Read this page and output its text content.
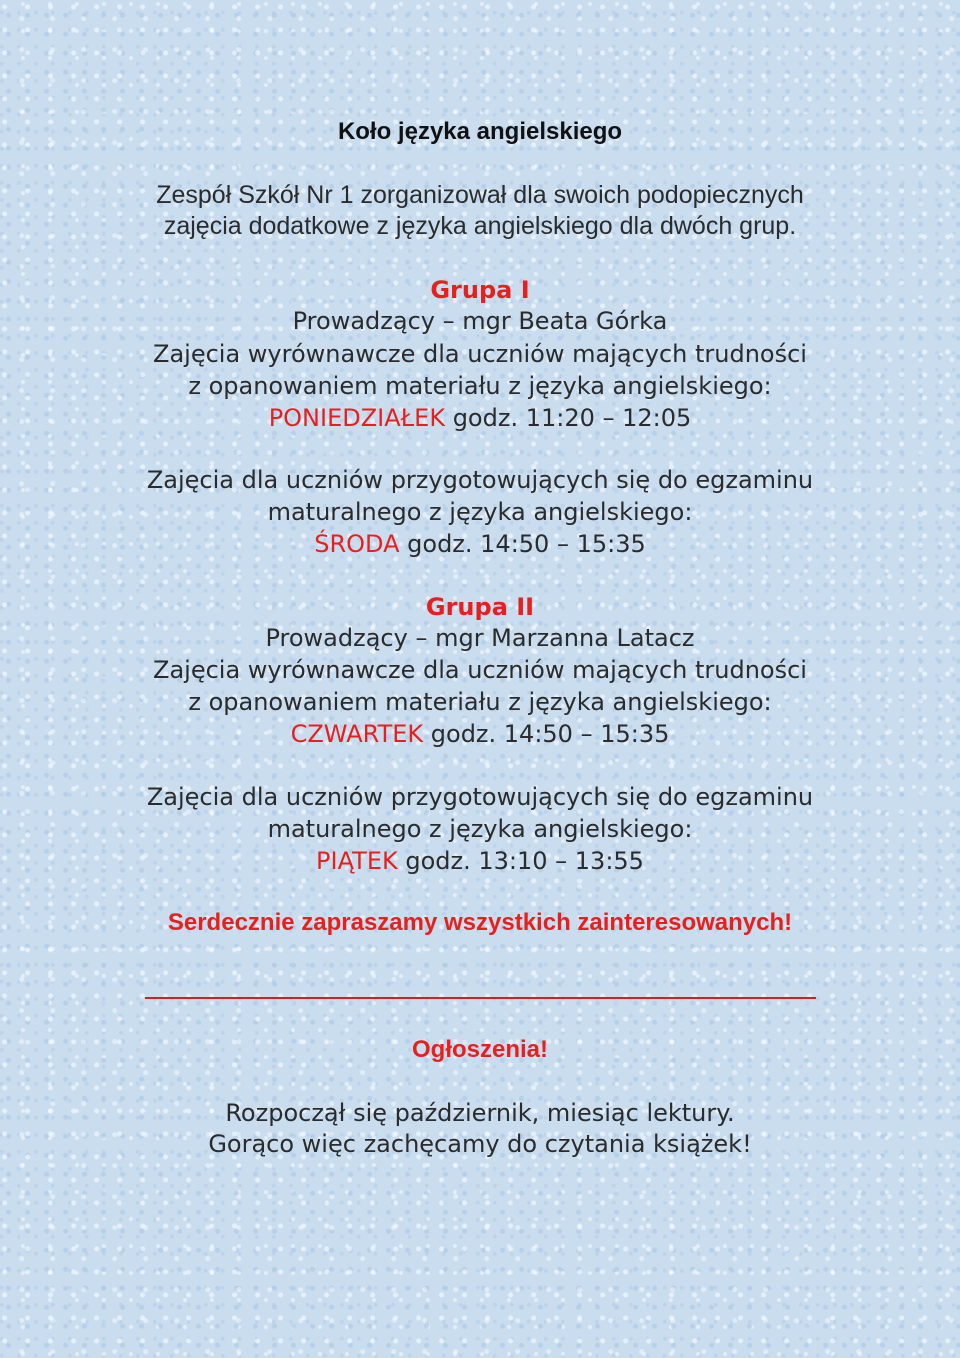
Koło języka angielskiego
Zespół Szkół Nr 1 zorganizował dla swoich podopiecznych
zajęcia dodatkowe z języka angielskiego dla dwóch grup.
Grupa I
Prowadzący – mgr Beata Górka
Zajęcia wyrównawcze dla uczniów mających trudności
z opanowaniem materiału z języka angielskiego:
PONIEDZIAŁEK godz. 11:20 – 12:05
Zajęcia dla uczniów przygotowujących się do egzaminu
maturalnego z języka angielskiego:
ŚRODA godz. 14:50 – 15:35
Grupa II
Prowadzący – mgr Marzanna Latacz
Zajęcia wyrównawcze dla uczniów mających trudności
z opanowaniem materiału z języka angielskiego:
CZWARTEK godz. 14:50 – 15:35
Zajęcia dla uczniów przygotowujących się do egzaminu
maturalnego z języka angielskiego:
PIĄTEK godz. 13:10 – 13:55
Serdecznie zapraszamy wszystkich zainteresowanych!
Ogłoszenia!
Rozpoczął się październik, miesiąc lektury.
Gorąco więc zachęcamy do czytania książek!
